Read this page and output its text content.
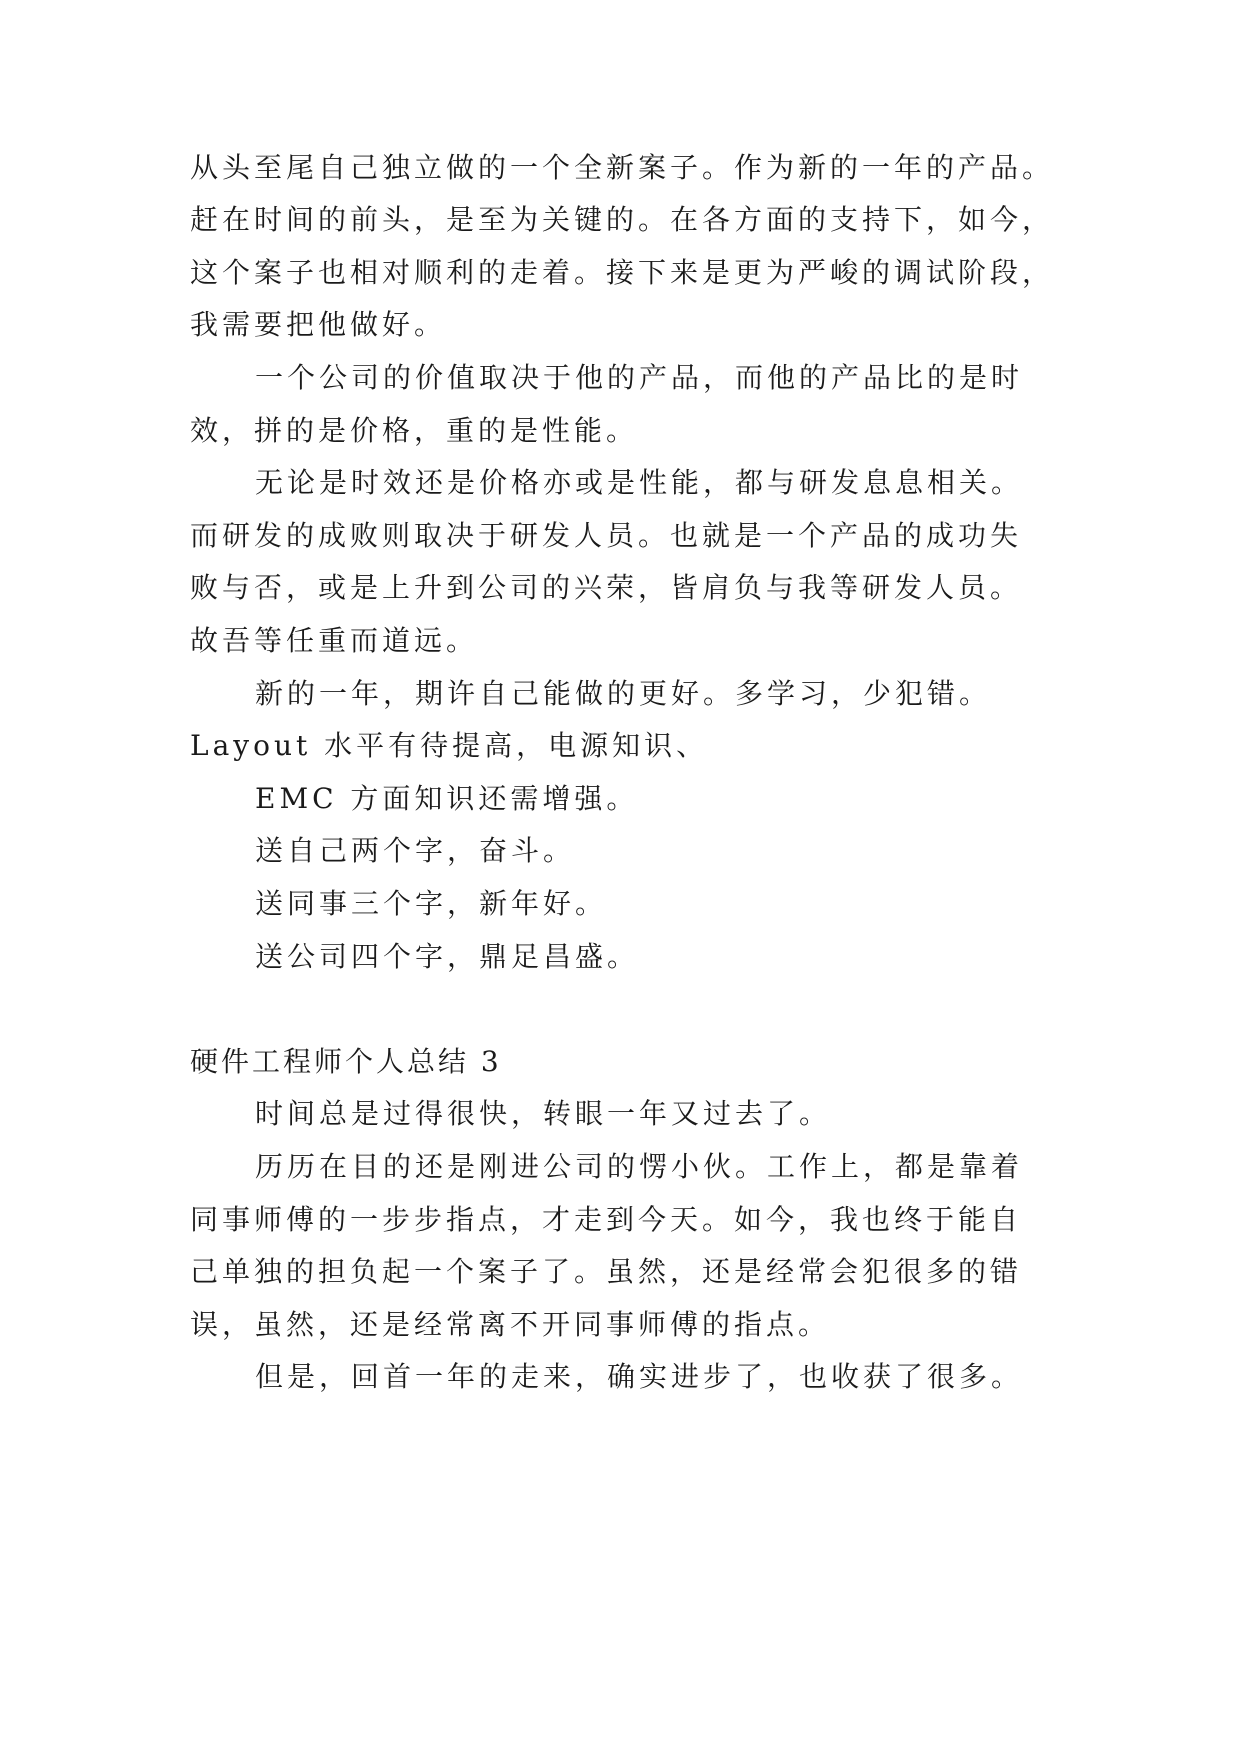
从头至尾自己独立做的一个全新案子。作为新的一年的产品。
赶在时间的前头，是至为关键的。在各方面的支持下，如今，
这个案子也相对顺利的走着。接下来是更为严峻的调试阶段，
我需要把他做好。
一个公司的价值取决于他的产品，而他的产品比的是时
效，拼的是价格，重的是性能。
无论是时效还是价格亦或是性能，都与研发息息相关。
而研发的成败则取决于研发人员。也就是一个产品的成功失
败与否，或是上升到公司的兴荣，皆肩负与我等研发人员。
故吾等任重而道远。
新的一年，期许自己能做的更好。多学习，少犯错。
Layout 水平有待提高，电源知识、
EMC 方面知识还需增强。
送自己两个字，奋斗。
送同事三个字，新年好。
送公司四个字，鼎足昌盛。
硬件工程师个人总结 3
时间总是过得很快，转眼一年又过去了。
历历在目的还是刚进公司的愣小伙。工作上，都是靠着
同事师傅的一步步指点，才走到今天。如今，我也终于能自
己单独的担负起一个案子了。虽然，还是经常会犯很多的错
误，虽然，还是经常离不开同事师傅的指点。
但是，回首一年的走来，确实进步了，也收获了很多。
